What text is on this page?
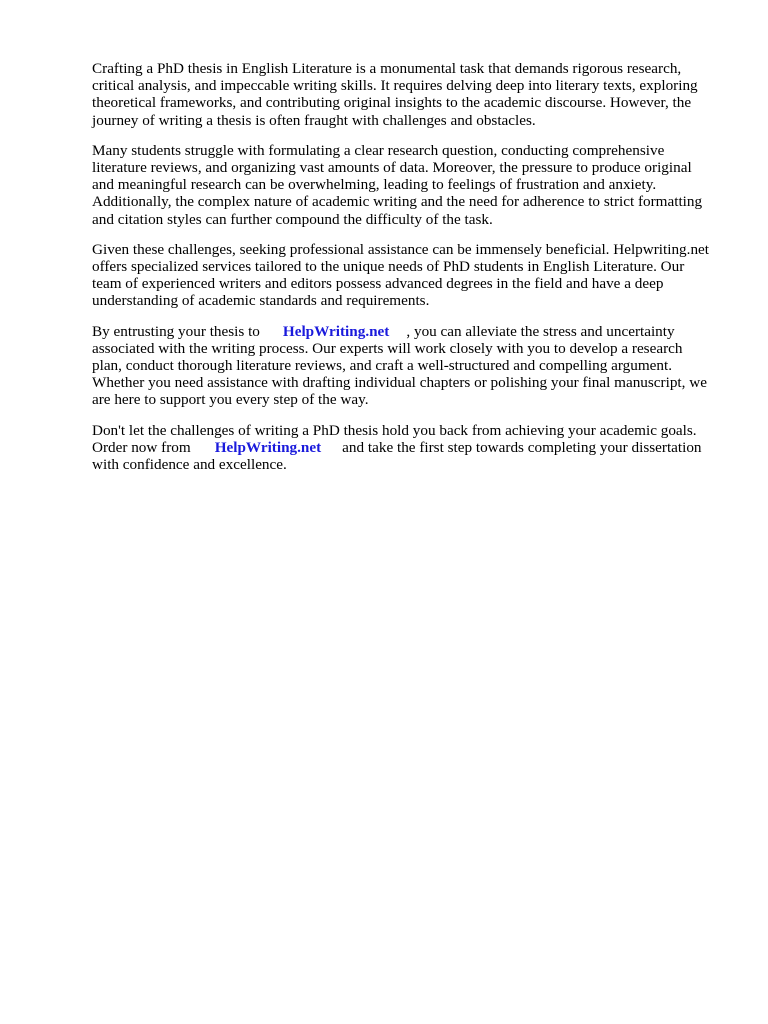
Crafting a PhD thesis in English Literature is a monumental task that demands rigorous research,
critical analysis, and impeccable writing skills. It requires delving deep into literary texts, exploring
theoretical frameworks, and contributing original insights to the academic discourse. However, the
journey of writing a thesis is often fraught with challenges and obstacles.

Many students struggle with formulating a clear research question, conducting comprehensive
literature reviews, and organizing vast amounts of data. Moreover, the pressure to produce original
and meaningful research can be overwhelming, leading to feelings of frustration and anxiety.
Additionally, the complex nature of academic writing and the need for adherence to strict formatting
and citation styles can further compound the difficulty of the task.

Given these challenges, seeking professional assistance can be immensely beneficial. Helpwriting.net
offers specialized services tailored to the unique needs of PhD students in English Literature. Our
team of experienced writers and editors possess advanced degrees in the field and have a deep
understanding of academic standards and requirements.

By entrusting your thesis to HelpWriting.net , you can alleviate the stress and uncertainty
associated with the writing process. Our experts will work closely with you to develop a research
plan, conduct thorough literature reviews, and craft a well-structured and compelling argument.
Whether you need assistance with drafting individual chapters or polishing your final manuscript, we
are here to support you every step of the way.

Don't let the challenges of writing a PhD thesis hold you back from achieving your academic goals.
Order now from HelpWriting.net and take the first step towards completing your dissertation
with confidence and excellence.
